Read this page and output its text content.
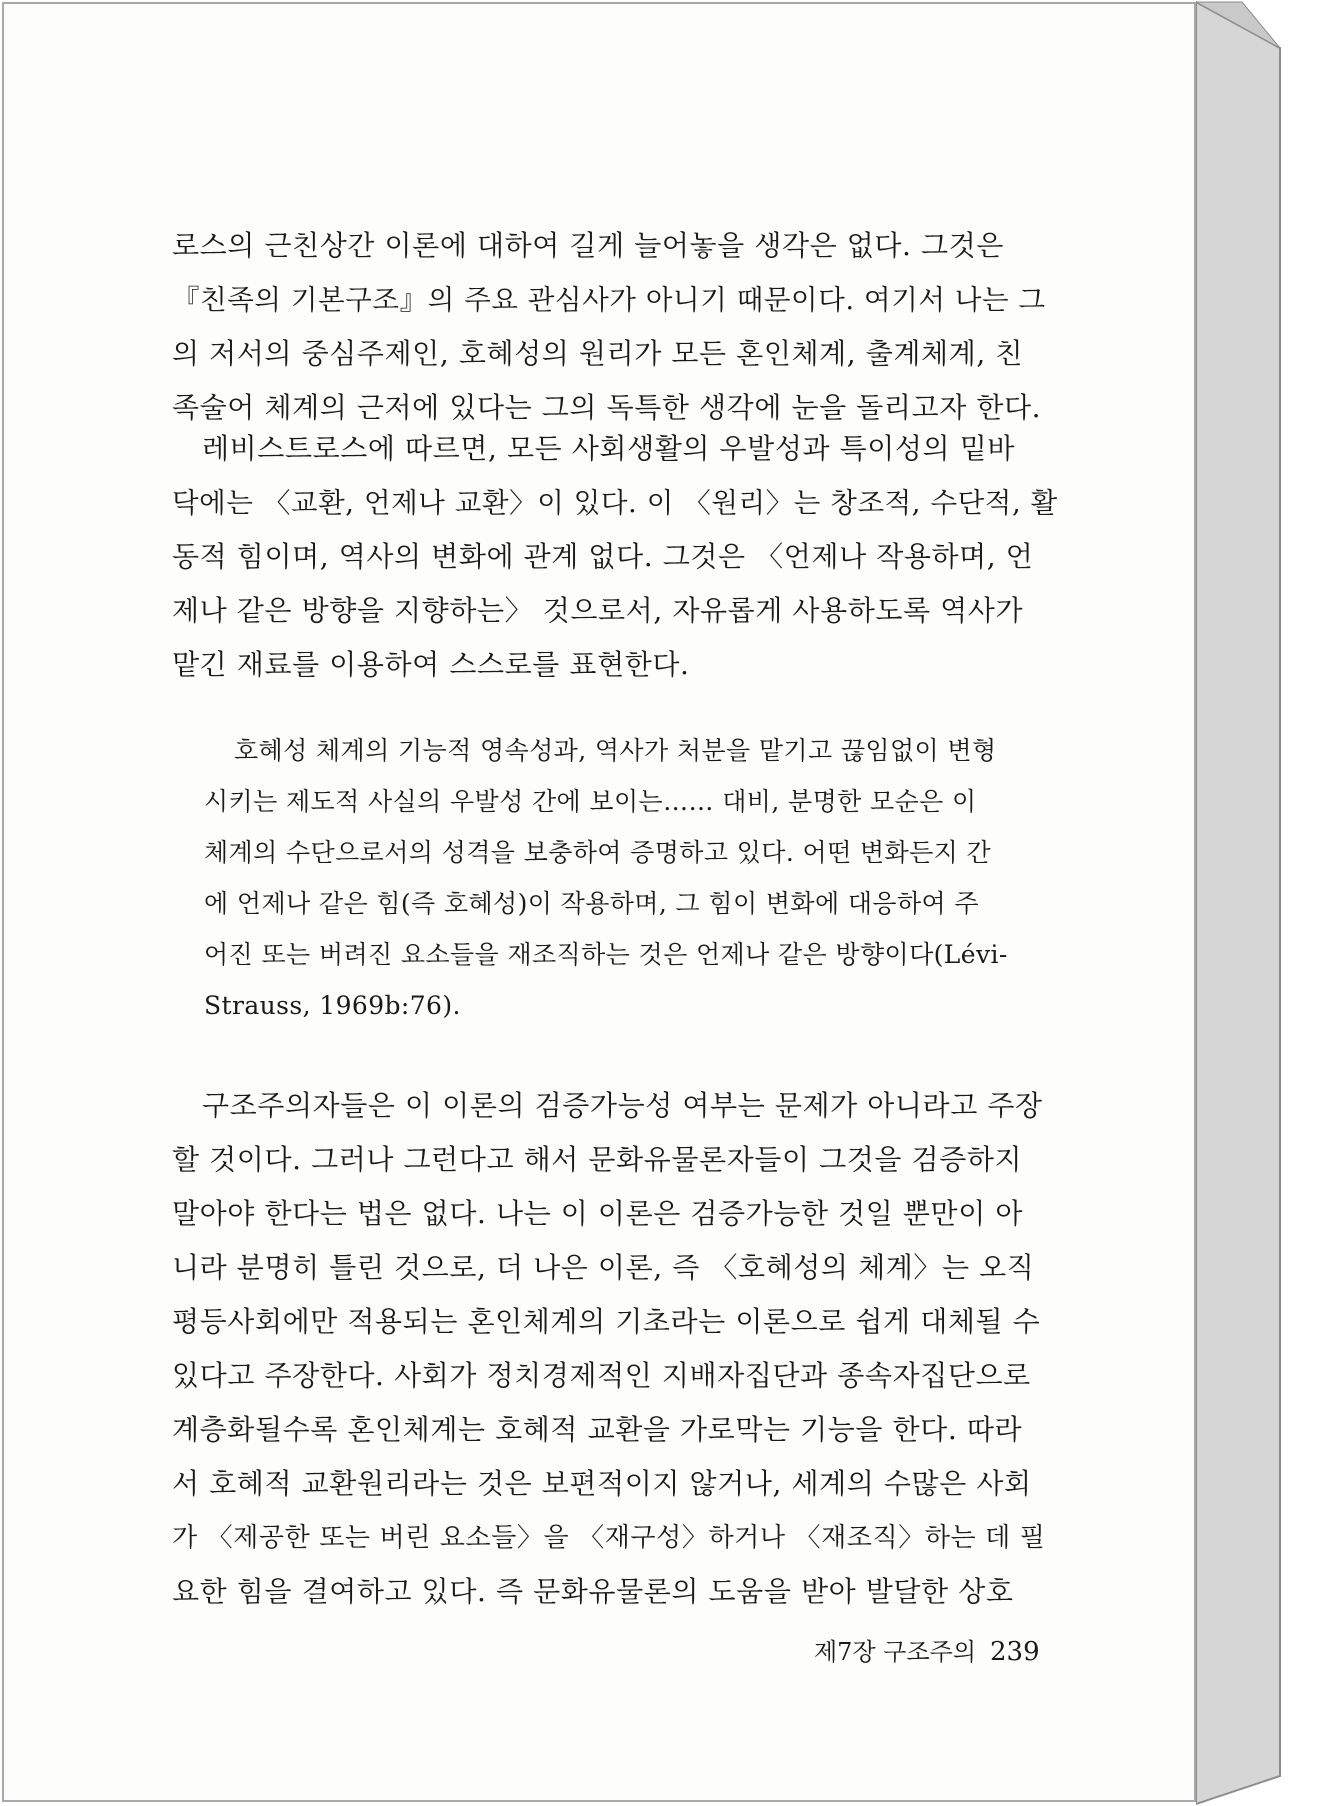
로스의 근친상간 이론에 대하여 길게 늘어놓을 생각은 없다. 그것은
『친족의 기본구조』의 주요 관심사가 아니기 때문이다. 여기서 나는 그
의 저서의 중심주제인, 호혜성의 원리가 모든 혼인체계, 출계체계, 친
족술어 체계의 근저에 있다는 그의 독특한 생각에 눈을 돌리고자 한다.
레비스트로스에 따르면, 모든 사회생활의 우발성과 특이성의 밑바
닥에는 〈교환, 언제나 교환〉이 있다. 이 〈원리〉는 창조적, 수단적, 활
동적 힘이며, 역사의 변화에 관계 없다. 그것은 〈언제나 작용하며, 언
제나 같은 방향을 지향하는〉 것으로서, 자유롭게 사용하도록 역사가
맡긴 재료를 이용하여 스스로를 표현한다.
호혜성 체계의 기능적 영속성과, 역사가 처분을 맡기고 끊임없이 변형
시키는 제도적 사실의 우발성 간에 보이는…… 대비, 분명한 모순은 이
체계의 수단으로서의 성격을 보충하여 증명하고 있다. 어떤 변화든지 간
에 언제나 같은 힘(즉 호혜성)이 작용하며, 그 힘이 변화에 대응하여 주
어진 또는 버려진 요소들을 재조직하는 것은 언제나 같은 방향이다(Lévi-
Strauss, 1969b:76).
구조주의자들은 이 이론의 검증가능성 여부는 문제가 아니라고 주장
할 것이다. 그러나 그런다고 해서 문화유물론자들이 그것을 검증하지
말아야 한다는 법은 없다. 나는 이 이론은 검증가능한 것일 뿐만이 아
니라 분명히 틀린 것으로, 더 나은 이론, 즉 〈호혜성의 체계〉는 오직
평등사회에만 적용되는 혼인체계의 기초라는 이론으로 쉽게 대체될 수
있다고 주장한다. 사회가 정치경제적인 지배자집단과 종속자집단으로
계층화될수록 혼인체계는 호혜적 교환을 가로막는 기능을 한다. 따라
서 호혜적 교환원리라는 것은 보편적이지 않거나, 세계의 수많은 사회
가 〈제공한 또는 버린 요소들〉을 〈재구성〉하거나 〈재조직〉하는 데 필
요한 힘을 결여하고 있다. 즉 문화유물론의 도움을 받아 발달한 상호
제7장 구조주의 239
